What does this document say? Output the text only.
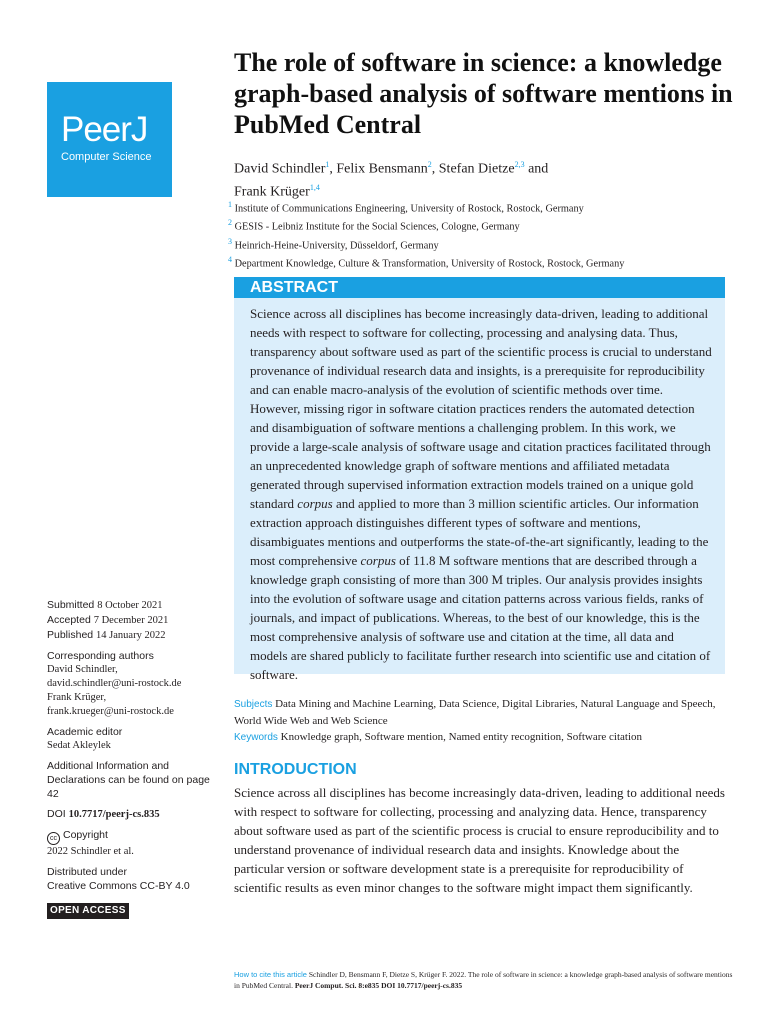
PeerJ
Computer Science
The role of software in science: a knowledge graph-based analysis of software mentions in PubMed Central
David Schindler$^1$, Felix Bensmann$^2$, Stefan Dietze$^{2,3}$ and
Frank Krüger$^{1,4}$
$^1$ Institute of Communications Engineering, University of Rostock, Rostock, Germany
$^2$ GESIS - Leibniz Institute for the Social Sciences, Cologne, Germany
$^3$ Heinrich-Heine-University, Düsseldorf, Germany
$^4$ Department Knowledge, Culture & Transformation, University of Rostock, Rostock, Germany
ABSTRACT

Science across all disciplines has become increasingly data-driven, leading to additional needs with respect to software for collecting, processing and analysing data. Thus, transparency about software used as part of the scientific process is crucial to understand provenance of individual research data and insights, is a prerequisite for reproducibility and can enable macro-analysis of the evolution of scientific methods over time. However, missing rigor in software citation practices renders the automated detection and disambiguation of software mentions a challenging problem. In this work, we provide a large-scale analysis of software usage and citation practices facilitated through an unprecedented knowledge graph of software mentions and affiliated metadata generated through supervised information extraction models trained on a unique gold standard corpus and applied to more than 3 million scientific articles. Our information extraction approach distinguishes different types of software and mentions, disambiguates mentions and outperforms the state-of-the-art significantly, leading to the most comprehensive corpus of 11.8 M software mentions that are described through a knowledge graph consisting of more than 300 M triples. Our analysis provides insights into the evolution of software usage and citation patterns across various fields, ranks of journals, and impact of publications. Whereas, to the best of our knowledge, this is the most comprehensive analysis of software use and citation at the time, all data and models are shared publicly to facilitate further research into scientific use and citation of software.

Submitted 8 October 2021
Accepted 7 December 2021
Published 14 January 2022
Corresponding authors
David Schindler,
david.schindler@uni-rostock.de
Frank Krüger,
frank.krueger@uni-rostock.de
Academic editor
Sedat Akleylek
Additional Information and Declarations can be found on page 42
DOI 10.7717/peerj-cs.835
cc Copyright
2022 Schindler et al.
Distributed under
Creative Commons CC-BY 4.0
OPEN ACCESS
Subjects Data Mining and Machine Learning, Data Science, Digital Libraries, Natural Language and Speech, World Wide Web and Web Science
Keywords Knowledge graph, Software mention, Named entity recognition, Software citation
INTRODUCTION

Science across all disciplines has become increasingly data-driven, leading to additional needs with respect to software for collecting, processing and analyzing data. Hence, transparency about software used as part of the scientific process is crucial to ensure reproducibility and to understand provenance of individual research data and insights. Knowledge about the particular version or software development state is a prerequisite for reproducibility of scientific results as even minor changes to the software might impact them significantly.

How to cite this article Schindler D, Bensmann F, Dietze S, Krüger F. 2022. The role of software in science: a knowledge graph-based analysis of software mentions in PubMed Central. PeerJ Comput. Sci. 8:e835 DOI 10.7717/peerj-cs.835
